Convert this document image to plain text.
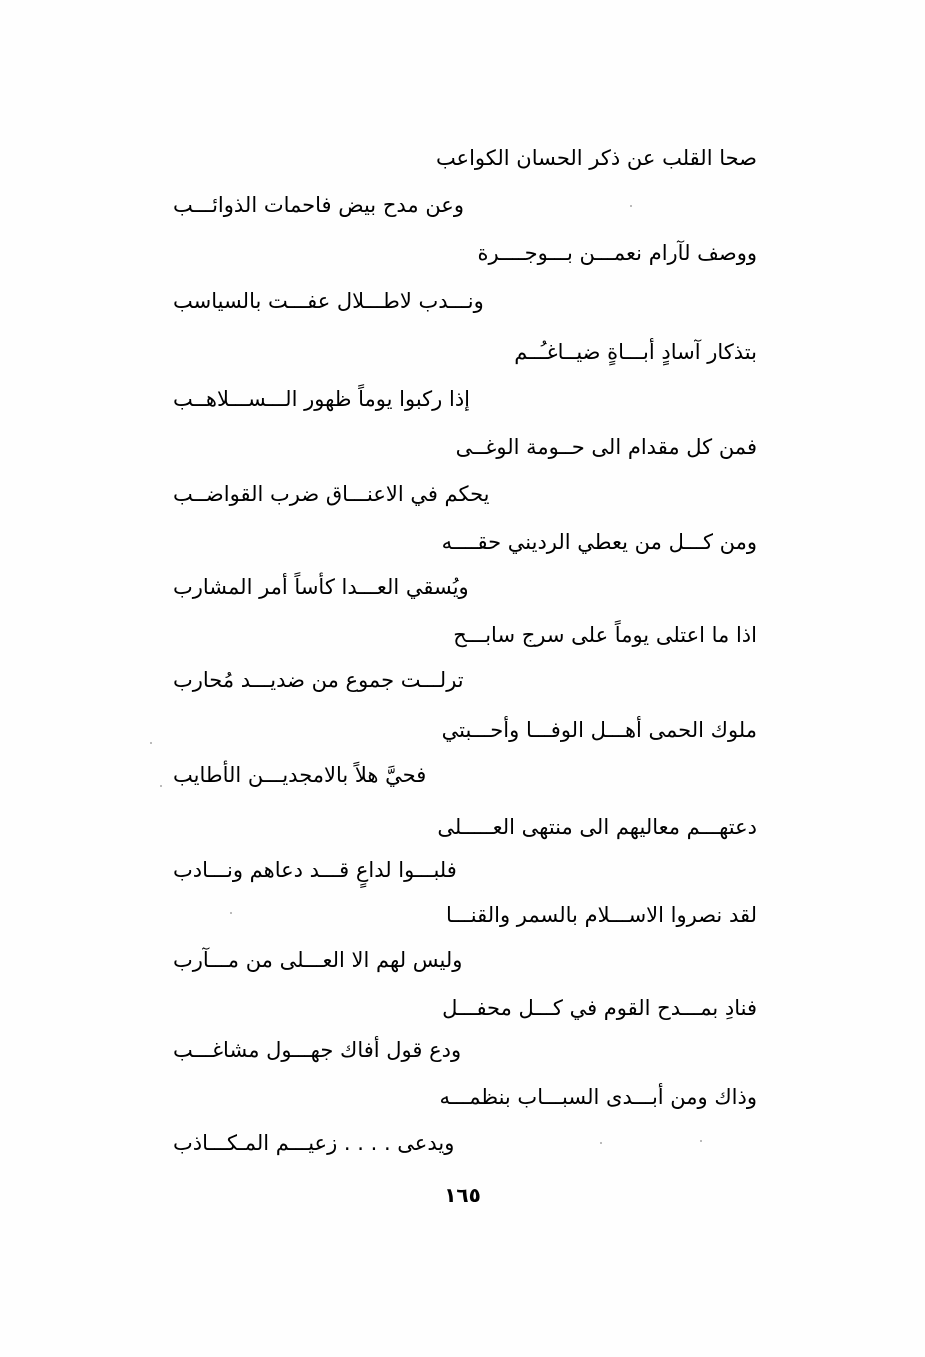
صحا القلب عن ذكر الحسان الكواعب
وعن مدح بيض فاحمات الذوائـــب
ووصف لآرام نعمـــن بـــوجــــرة
ونـــدب لاطـــلال عفـــت بالسياسب
بتذكار آسادٍ أبـــاةٍ ضيــاغـُــم
إذا ركبوا يوماً ظهور الـــســـلاهــب
فمن كل مقدام الى حــومة الوغــى
يحكم في الاعنـــاق ضرب القواضــب
ومن كـــل من يعطي الرديني حقــــه
ويُسقي العـــدا كأساً أمر المشارب
اذا ما اعتلى يوماً على سرج سابـــح
ترلـــت جموع من ضديـــد مُحارب
ملوك الحمى أهـــل الوفـــا وأحـــبتي
فحيَّ هلاً بالامجديـــن الأطايب
دعتهـــم معاليهم الى منتهى العـــــلى
فلبـــوا لداعٍ قـــد دعاهم ونـــادب
لقد نصروا الاســـلام بالسمر والقنـــا
وليس لهم الا العـــلى من مـــآرب
فنادِ بمـــدح القوم في كـــل محفـــل
ودع قول أفاك جهـــول مشاغـــب
وذاك ومن أبـــدى السبـــاب بنظمـــه
ويدعى . . . . زعيـــم المـكـــاذب
١٦٥
